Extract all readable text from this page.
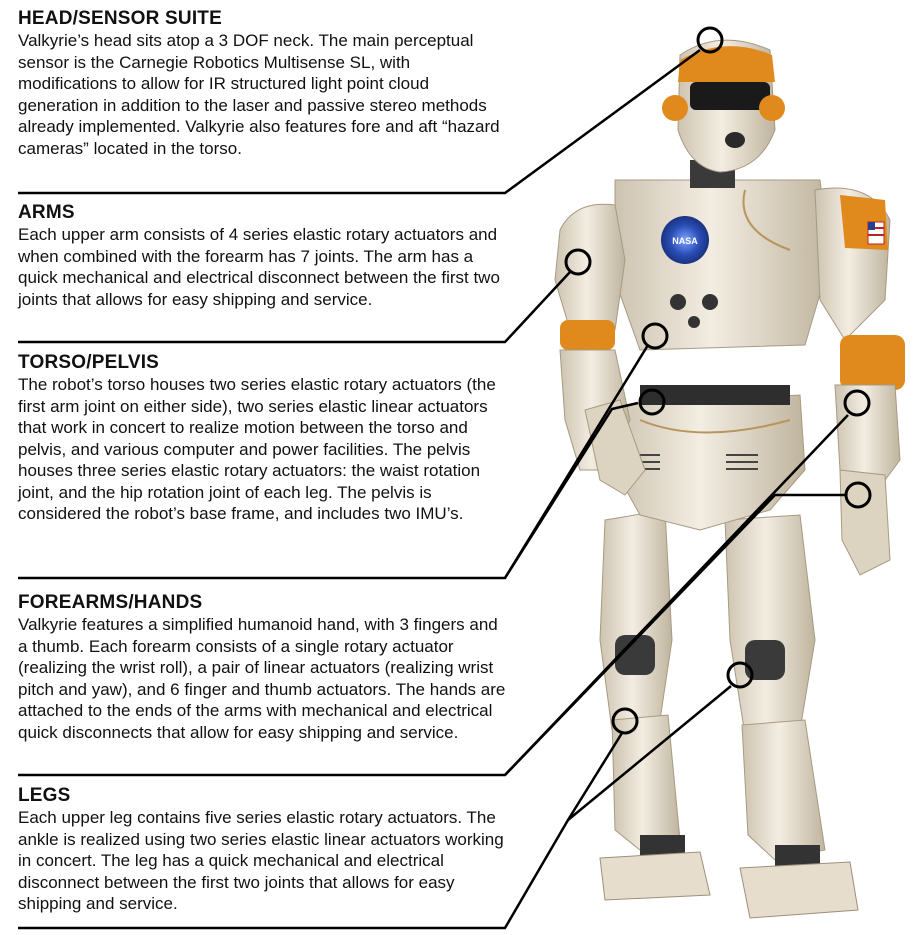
HEAD/SENSOR SUITE

Valkyrie’s head sits atop a 3 DOF neck. The main perceptual sensor is the Carnegie Robotics Multisense SL, with modifications to allow for IR structured light point cloud generation in addition to the laser and passive stereo methods already implemented. Valkyrie also features fore and aft “hazard cameras” located in the torso.

ARMS

Each upper arm consists of 4 series elastic rotary actuators and when combined with the forearm has 7 joints. The arm has a quick mechanical and electrical disconnect between the first two joints that allows for easy shipping and service.

TORSO/PELVIS

The robot’s torso houses two series elastic rotary actuators (the first arm joint on either side), two series elastic linear actuators that work in concert to realize motion between the torso and pelvis, and various computer and power facilities. The pelvis houses three series elastic rotary actuators: the waist rotation joint, and the hip rotation joint of each leg. The pelvis is considered the robot’s base frame, and includes two IMU’s.

FOREARMS/HANDS

Valkyrie features a simplified humanoid hand, with 3 fingers and a thumb. Each forearm consists of a single rotary actuator (realizing the wrist roll), a pair of linear actuators (realizing wrist pitch and yaw), and 6 finger and thumb actuators. The hands are attached to the ends of the arms with mechanical and electrical quick disconnects that allow for easy shipping and service.

LEGS

Each upper leg contains five series elastic rotary actuators. The ankle is realized using two series elastic linear actuators working in concert. The leg has a quick mechanical and electrical disconnect between the first two joints that allows for easy shipping and service.

NASA
